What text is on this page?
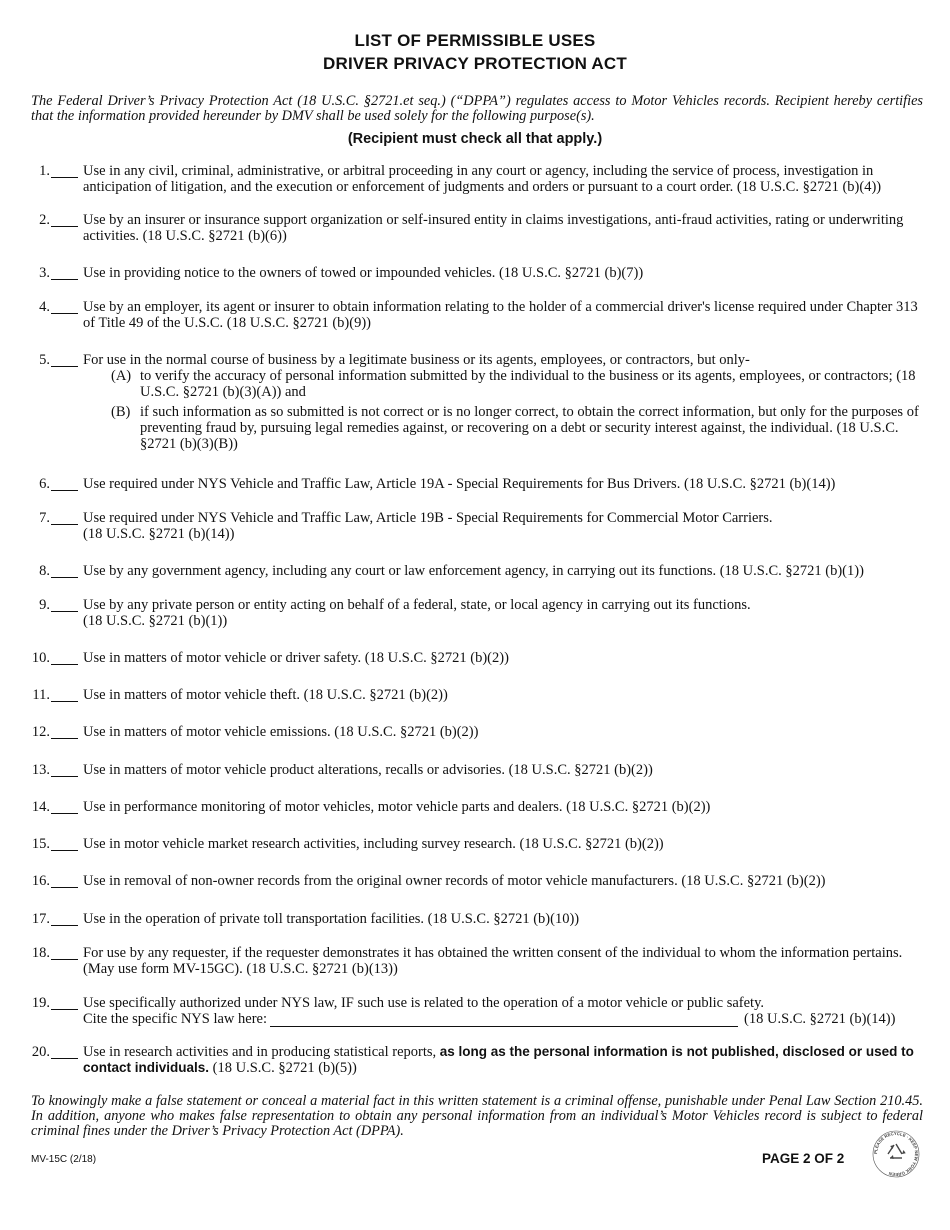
LIST OF PERMISSIBLE USES
DRIVER PRIVACY PROTECTION ACT
The Federal Driver’s Privacy Protection Act (18 U.S.C. §2721.et seq.) (“DPPA”) regulates access to Motor Vehicles records. Recipient hereby certifies that the information provided hereunder by DMV shall be used solely for the following purpose(s).
(Recipient must check all that apply.)
1. Use in any civil, criminal, administrative, or arbitral proceeding in any court or agency, including the service of process, investigation in anticipation of litigation, and the execution or enforcement of judgments and orders or pursuant to a court order. (18 U.S.C. §2721 (b)(4))
2. Use by an insurer or insurance support organization or self-insured entity in claims investigations, anti-fraud activities, rating or underwriting activities. (18 U.S.C. §2721 (b)(6))
3. Use in providing notice to the owners of towed or impounded vehicles. (18 U.S.C. §2721 (b)(7))
4. Use by an employer, its agent or insurer to obtain information relating to the holder of a commercial driver's license required under Chapter 313 of Title 49 of the U.S.C. (18 U.S.C. §2721 (b)(9))
5. For use in the normal course of business by a legitimate business or its agents, employees, or contractors, but only-
(A) to verify the accuracy of personal information submitted by the individual to the business or its agents, employees, or contractors; (18 U.S.C. §2721 (b)(3)(A)) and
(B) if such information as so submitted is not correct or is no longer correct, to obtain the correct information, but only for the purposes of preventing fraud by, pursuing legal remedies against, or recovering on a debt or security interest against, the individual. (18 U.S.C. §2721 (b)(3)(B))
6. Use required under NYS Vehicle and Traffic Law, Article 19A - Special Requirements for Bus Drivers. (18 U.S.C. §2721 (b)(14))
7. Use required under NYS Vehicle and Traffic Law, Article 19B - Special Requirements for Commercial Motor Carriers.
(18 U.S.C. §2721 (b)(14))
8. Use by any government agency, including any court or law enforcement agency, in carrying out its functions. (18 U.S.C. §2721 (b)(1))
9. Use by any private person or entity acting on behalf of a federal, state, or local agency in carrying out its functions.
(18 U.S.C. §2721 (b)(1))
10. Use in matters of motor vehicle or driver safety. (18 U.S.C. §2721 (b)(2))
11. Use in matters of motor vehicle theft. (18 U.S.C. §2721 (b)(2))
12. Use in matters of motor vehicle emissions. (18 U.S.C. §2721 (b)(2))
13. Use in matters of motor vehicle product alterations, recalls or advisories. (18 U.S.C. §2721 (b)(2))
14. Use in performance monitoring of motor vehicles, motor vehicle parts and dealers. (18 U.S.C. §2721 (b)(2))
15. Use in motor vehicle market research activities, including survey research. (18 U.S.C. §2721 (b)(2))
16. Use in removal of non-owner records from the original owner records of motor vehicle manufacturers. (18 U.S.C. §2721 (b)(2))
17. Use in the operation of private toll transportation facilities. (18 U.S.C. §2721 (b)(10))
18. For use by any requester, if the requester demonstrates it has obtained the written consent of the individual to whom the information pertains. (May use form MV-15GC). (18 U.S.C. §2721 (b)(13))
19. Use specifically authorized under NYS law, IF such use is related to the operation of a motor vehicle or public safety.
Cite the specific NYS law here:	(18 U.S.C. §2721 (b)(14))
20. Use in research activities and in producing statistical reports, as long as the personal information is not published, disclosed or used to contact individuals. (18 U.S.C. §2721 (b)(5))
To knowingly make a false statement or conceal a material fact in this written statement is a criminal offense, punishable under Penal Law Section 210.45. In addition, anyone who makes false representation to obtain any personal information from an individual’s Motor Vehicles record is subject to federal criminal fines under the Driver’s Privacy Protection Act (DPPA).
MV-15C (2/18)	PAGE 2 OF 2	PLEASE RECYCLE · KEEP NEW YORK GREEN
